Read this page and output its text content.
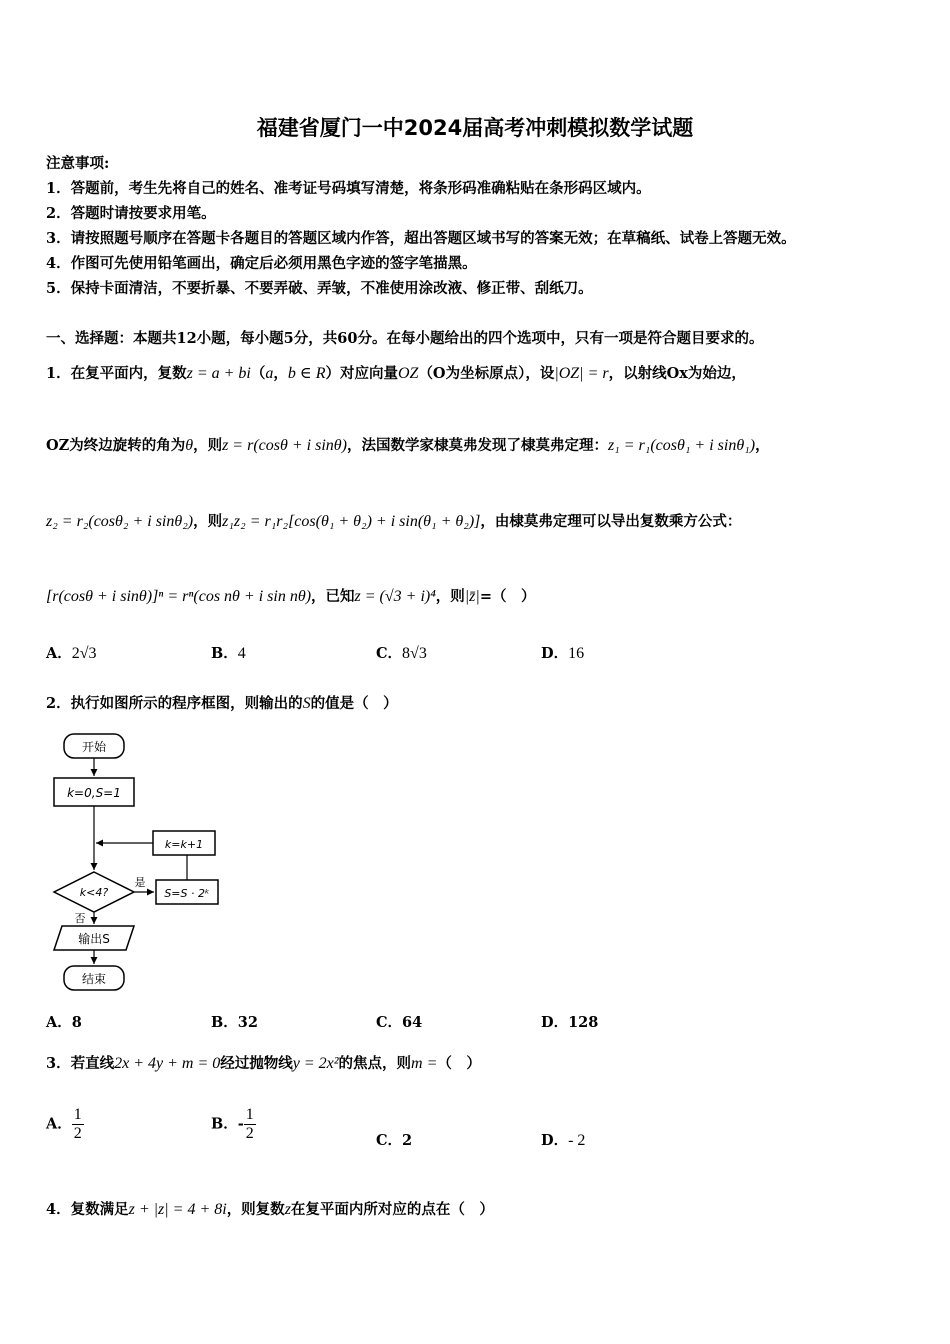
福建省厦门一中2024届高考冲刺模拟数学试题
注意事项:
1．答题前，考生先将自己的姓名、准考证号码填写清楚，将条形码准确粘贴在条形码区域内。
2．答题时请按要求用笔。
3．请按照题号顺序在答题卡各题目的答题区域内作答，超出答题区域书写的答案无效；在草稿纸、试卷上答题无效。
4．作图可先使用铅笔画出，确定后必须用黑色字迹的签字笔描黑。
5．保持卡面清洁，不要折暴、不要弄破、弄皱，不准使用涂改液、修正带、刮纸刀。
一、选择题：本题共12小题，每小题5分，共60分。在每小题给出的四个选项中，只有一项是符合题目要求的。
1．在复平面内，复数z = a + bi（a，b ∈ R）对应向量OZ（O为坐标原点），设|OZ| = r，以射线Ox为始边，
OZ为终边旋转的角为θ，则z = r(cosθ + i sinθ)，法国数学家棣莫弗发现了棣莫弗定理：z₁ = r₁(cosθ₁ + i sinθ₁)，
z₂ = r₂(cosθ₂ + i sinθ₂)，则z₁z₂ = r₁r₂[cos(θ₁ + θ₂) + i sin(θ₁ + θ₂)]，由棣莫弗定理可以导出复数乘方公式：
[r(cosθ + i sinθ)]ⁿ = rⁿ(cos nθ + i sin nθ)，已知z = (√3 + i)⁴，则|z̄|=（　）
A．2√3	B．4	C．8√3	D．16
2．执行如图所示的程序框图，则输出的S的值是（　）
开始
k=0,S=1
k=k+1
k<4?
是
S=S · 2ᵏ
否
输出S
结束
A．8	B．32	C．64	D．128
3．若直线2x + 4y + m = 0经过抛物线y = 2x²的焦点，则m =（　）
A． $\frac{1}{2}$	B．- $\frac{1}{2}$	C．2	D．- 2
4．复数满足z + |z| = 4 + 8i，则复数z在复平面内所对应的点在（　）
